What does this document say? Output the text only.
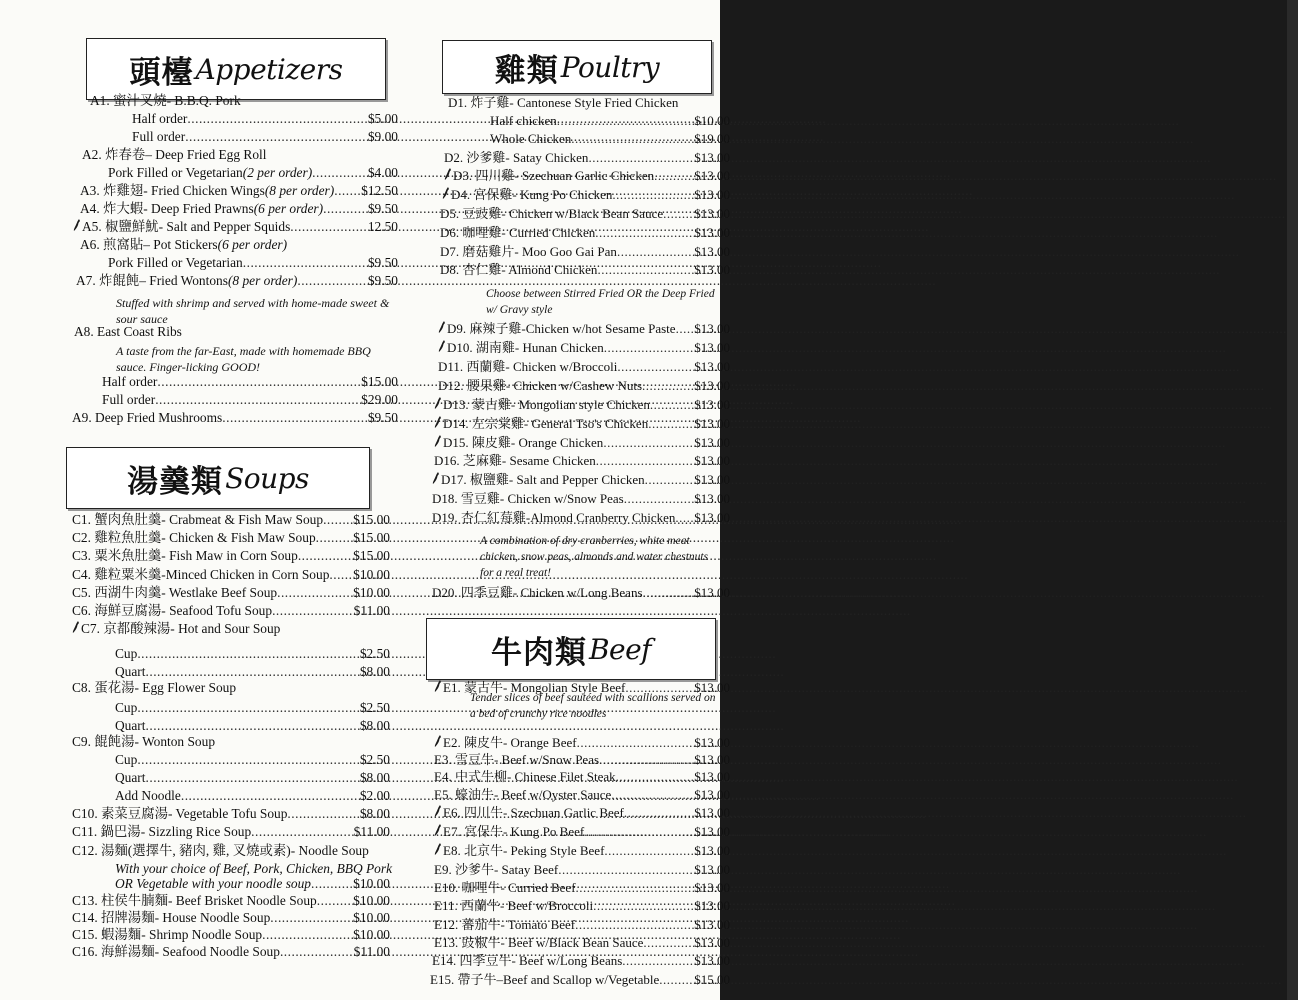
頭檯 Appetizers
A1. 蜜汁叉燒 - B.B.Q. Pork
Half order .....	$5.00
Full order .....	$9.00
A2. 炸春卷 – Deep Fried Egg Roll
Pork Filled or Vegetarian (2 per order) .....	$4.00
A3. 炸雞翅 - Fried Chicken Wings (8 per order) ..... $12.50
A4. 炸大蝦 - Deep Fried Prawns (6 per order) .....	$9.50
A5. 椒鹽鮮魷 - Salt and Pepper Squids .....	12.50
A6. 煎窩貼 – Pot Stickers (6 per order)
Pork Filled or Vegetarian .....	$9.50
A7. 炸餛飩 – Fried Wontons (8 per order) .....	$9.50
A8. East Coast Ribs
Half order .....	$15.00
Full order .....	$29.00
A9. Deep Fried Mushrooms .....	$9.50
Stuffed with shrimp and served with home-made sweet & sour sauce
A taste from the far-East, made with homemade BBQ sauce. Finger-licking GOOD!
湯羹類 Soups
C1. 蟹肉魚肚羹 - Crabmeat & Fish Maw Soup ..... $15.00
C2. 雞粒魚肚羹 - Chicken & Fish Maw Soup .....	$15.00
C3. 粟米魚肚羹 - Fish Maw in Corn Soup .....	$15.00
C4. 雞粒粟米羹 -Minced Chicken in Corn Soup ..... $10.00
C5. 西湖牛肉羹 - Westlake Beef Soup .....	$10.00
C6. 海鮮豆腐湯 - Seafood Tofu Soup .....	$11.00
C7. 京都酸辣湯 - Hot and Sour Soup
Cup .....	$2.50
Quart .....	$8.00
C8. 蛋花湯 - Egg Flower Soup
Cup .....	$2.50
Quart .....	$8.00
C9. 餛飩湯 - Wonton Soup
Cup .....	$2.50
Quart .....	$8.00
Add Noodle .....	$2.00
C10. 素菜豆腐湯 - Vegetable Tofu Soup .....	$8.00
C11. 鍋巴湯 - Sizzling Rice Soup .....	$11.00
C12. 湯麵(選擇牛, 豬肉, 雞, 叉燒或素) - Noodle Soup
With your choice of Beef, Pork, Chicken, BBQ Pork
OR Vegetable with your noodle soup .....	$10.00
C13. 柱侯牛腩麵 - Beef Brisket Noodle Soup .....	$10.00
C14. 招牌湯麵 - House Noodle Soup .....	$10.00
C15. 蝦湯麵 - Shrimp Noodle Soup .....	$10.00
C16. 海鮮湯麵 - Seafood Noodle Soup .....	$11.00
雞類 Poultry
D1. 炸子雞 - Cantonese Style Fried Chicken
Half chicken .....	$10.00
Whole Chicken .....	$19.00
D2. 沙爹雞 - Satay Chicken .....	$13.00
D3. 四川雞 - Szechuan Garlic Chicken .....	$13.00
D4. 宮保雞 - Kung Po Chicken .....	$13.00
D5. 豆豉雞 - Chicken w/Black Bean Sauce ..... $13.00
D6. 咖哩雞 - Curried Chicken .....	$13.00
D7. 磨菇雞片 - Moo Goo Gai Pan .....	$13.00
D8. 杏仁雞 - Almond Chicken .....	$13.00
D9. 麻辣子雞 -Chicken w/hot Sesame Paste ..... $13.00
D10. 湖南雞 - Hunan Chicken .....	$13.00
D11. 西蘭雞 - Chicken w/Broccoli .....	$13.00
D12. 腰果雞 - Chicken w/Cashew Nuts .....	$13.00
D13. 蒙古雞 - Mongolian style Chicken .....	$13.00
D14. 左宗棠雞 - General Tso's Chicken .....	$13.00
D15. 陳皮雞 - Orange Chicken .....	$13.00
D16. 芝麻雞 - Sesame Chicken .....	$13.00
D17. 椒鹽雞 - Salt and Pepper Chicken .....	$13.00
D18. 雪豆雞 - Chicken w/Snow Peas .....	$13.00
D19. 杏仁紅莓雞 -Almond Cranberry Chicken ..... $13.00
D20. 四季豆雞 - Chicken w/Long Beans .....	$13.00
Choose between Stirred Fried OR the Deep Fried w/ Gravy style
A combination of dry cranberries, white meat chicken, snow peas, almonds and water chestnuts for a real treat!
牛肉類 Beef
E1. 蒙古牛 - Mongolian Style Beef .....	$13.00
E2. 陳皮牛 - Orange Beef .....	$13.00
E3. 雪豆牛 - Beef w/Snow Peas .....	$13.00
E4. 中式牛柳 - Chinese Filet Steak .....	$13.00
E5. 蠔油牛 - Beef w/Oyster Sauce .....	$13.00
E6. 四川牛 - Szechuan Garlic Beef .....	$13.00
E7. 宮保牛 - Kung Po Beef .....	$13.00
E8. 北京牛 - Peking Style Beef .....	$13.00
E9. 沙爹牛 - Satay Beef .....	$13.00
E10. 咖哩牛 - Curried Beef .....	$13.00
E11. 西蘭牛 - Beef w/Broccoli .....	$13.00
E12. 蕃茄牛 - Tomato Beef .....	$13.00
E13. 豉椒牛 - Beef w/Black Bean Sauce .....	$13.00
E14. 四季豆牛 - Beef w/Long Beans .....	$13.00
E15. 帶子牛 –Beef and Scallop w/Vegetable .....	$15.00
Tender slices of beef sautéed with scallions served on a bed of crunchy rice noodles
